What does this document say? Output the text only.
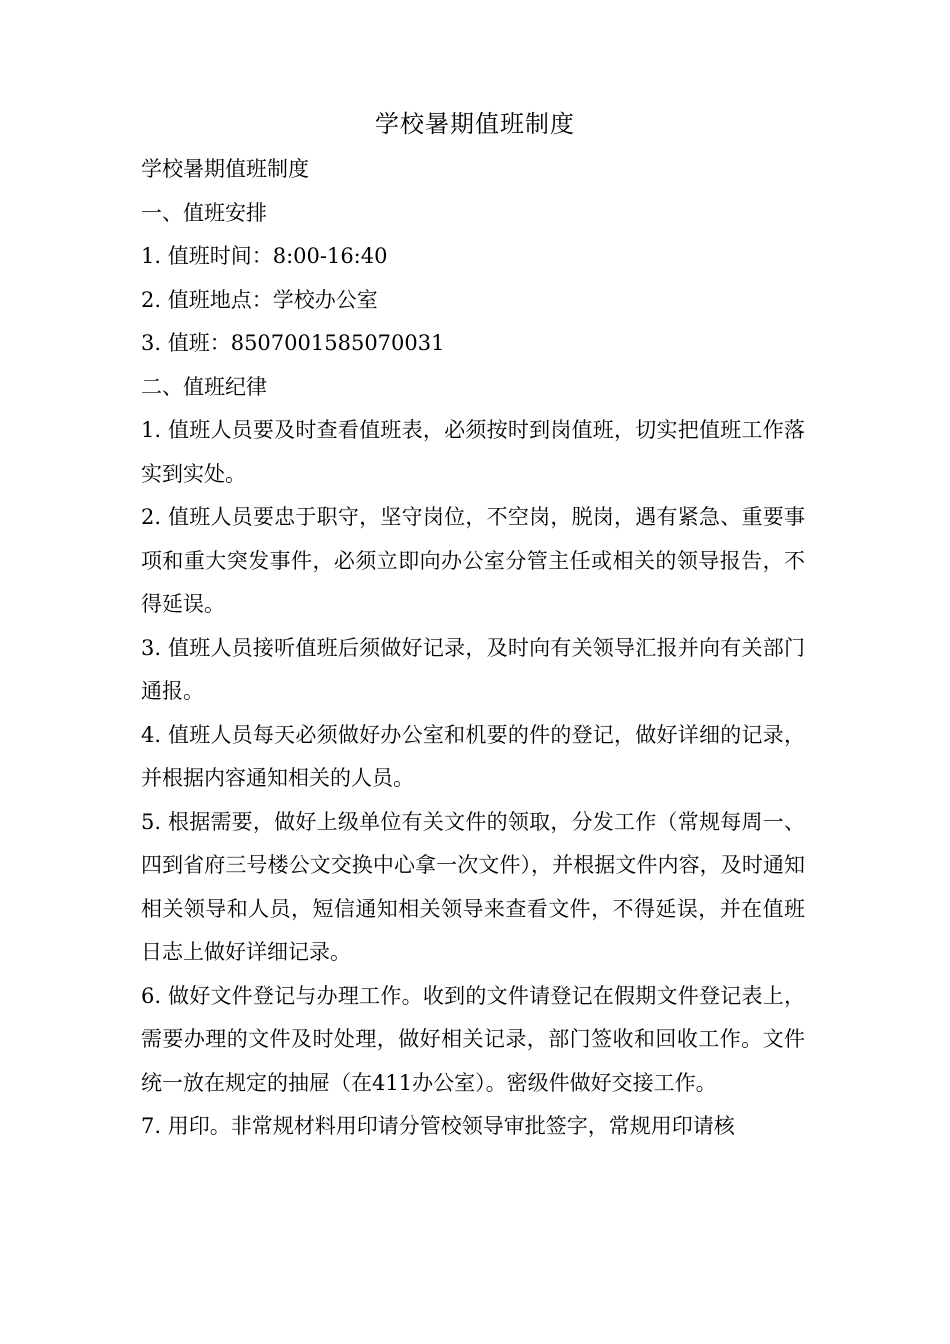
学校暑期值班制度

学校暑期值班制度

一、值班安排

1. 值班时间：8:00-16:40

2. 值班地点：学校办公室

3. 值班：8507001585070031

二、值班纪律

1. 值班人员要及时查看值班表，必须按时到岗值班，切实把值班工作落实到实处。

2. 值班人员要忠于职守，坚守岗位，不空岗，脱岗，遇有紧急、重要事项和重大突发事件，必须立即向办公室分管主任或相关的领导报告，不得延误。

3. 值班人员接听值班后须做好记录，及时向有关领导汇报并向有关部门通报。

4. 值班人员每天必须做好办公室和机要的件的登记，做好详细的记录，并根据内容通知相关的人员。

5. 根据需要，做好上级单位有关文件的领取，分发工作（常规每周一、四到省府三号楼公文交换中心拿一次文件），并根据文件内容，及时通知相关领导和人员，短信通知相关领导来查看文件，不得延误，并在值班日志上做好详细记录。

6. 做好文件登记与办理工作。收到的文件请登记在假期文件登记表上，需要办理的文件及时处理，做好相关记录，部门签收和回收工作。文件统一放在规定的抽屉（在411办公室）。密级件做好交接工作。

7. 用印。非常规材料用印请分管校领导审批签字，常规用印请核
